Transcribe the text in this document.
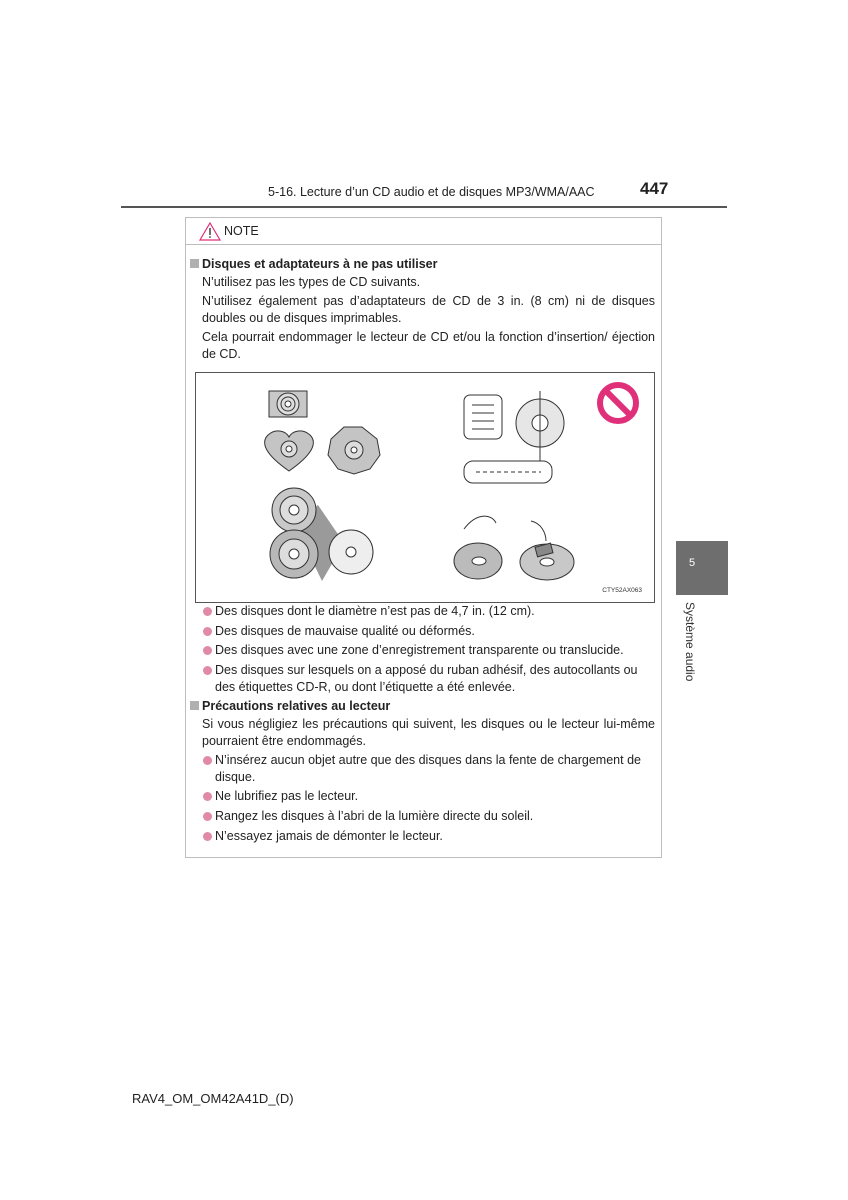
5-16. Lecture d’un CD audio et de disques MP3/WMA/AAC	447
5
Système audio
NOTE
Disques et adaptateurs à ne pas utiliser
N’utilisez pas les types de CD suivants.
N’utilisez également pas d’adaptateurs de CD de 3 in. (8 cm) ni de disques doubles ou de disques imprimables.
Cela pourrait endommager le lecteur de CD et/ou la fonction d’insertion/ éjection de CD.
CTY52AX063
Des disques dont le diamètre n’est pas de 4,7 in. (12 cm).
Des disques de mauvaise qualité ou déformés.
Des disques avec une zone d’enregistrement transparente ou translucide.
Des disques sur lesquels on a apposé du ruban adhésif, des autocollants ou des étiquettes CD-R, ou dont l’étiquette a été enlevée.
Précautions relatives au lecteur
Si vous négligiez les précautions qui suivent, les disques ou le lecteur lui-même pourraient être endommagés.
N’insérez aucun objet autre que des disques dans la fente de chargement de disque.
Ne lubrifiez pas le lecteur.
Rangez les disques à l’abri de la lumière directe du soleil.
N’essayez jamais de démonter le lecteur.
RAV4_OM_OM42A41D_(D)
